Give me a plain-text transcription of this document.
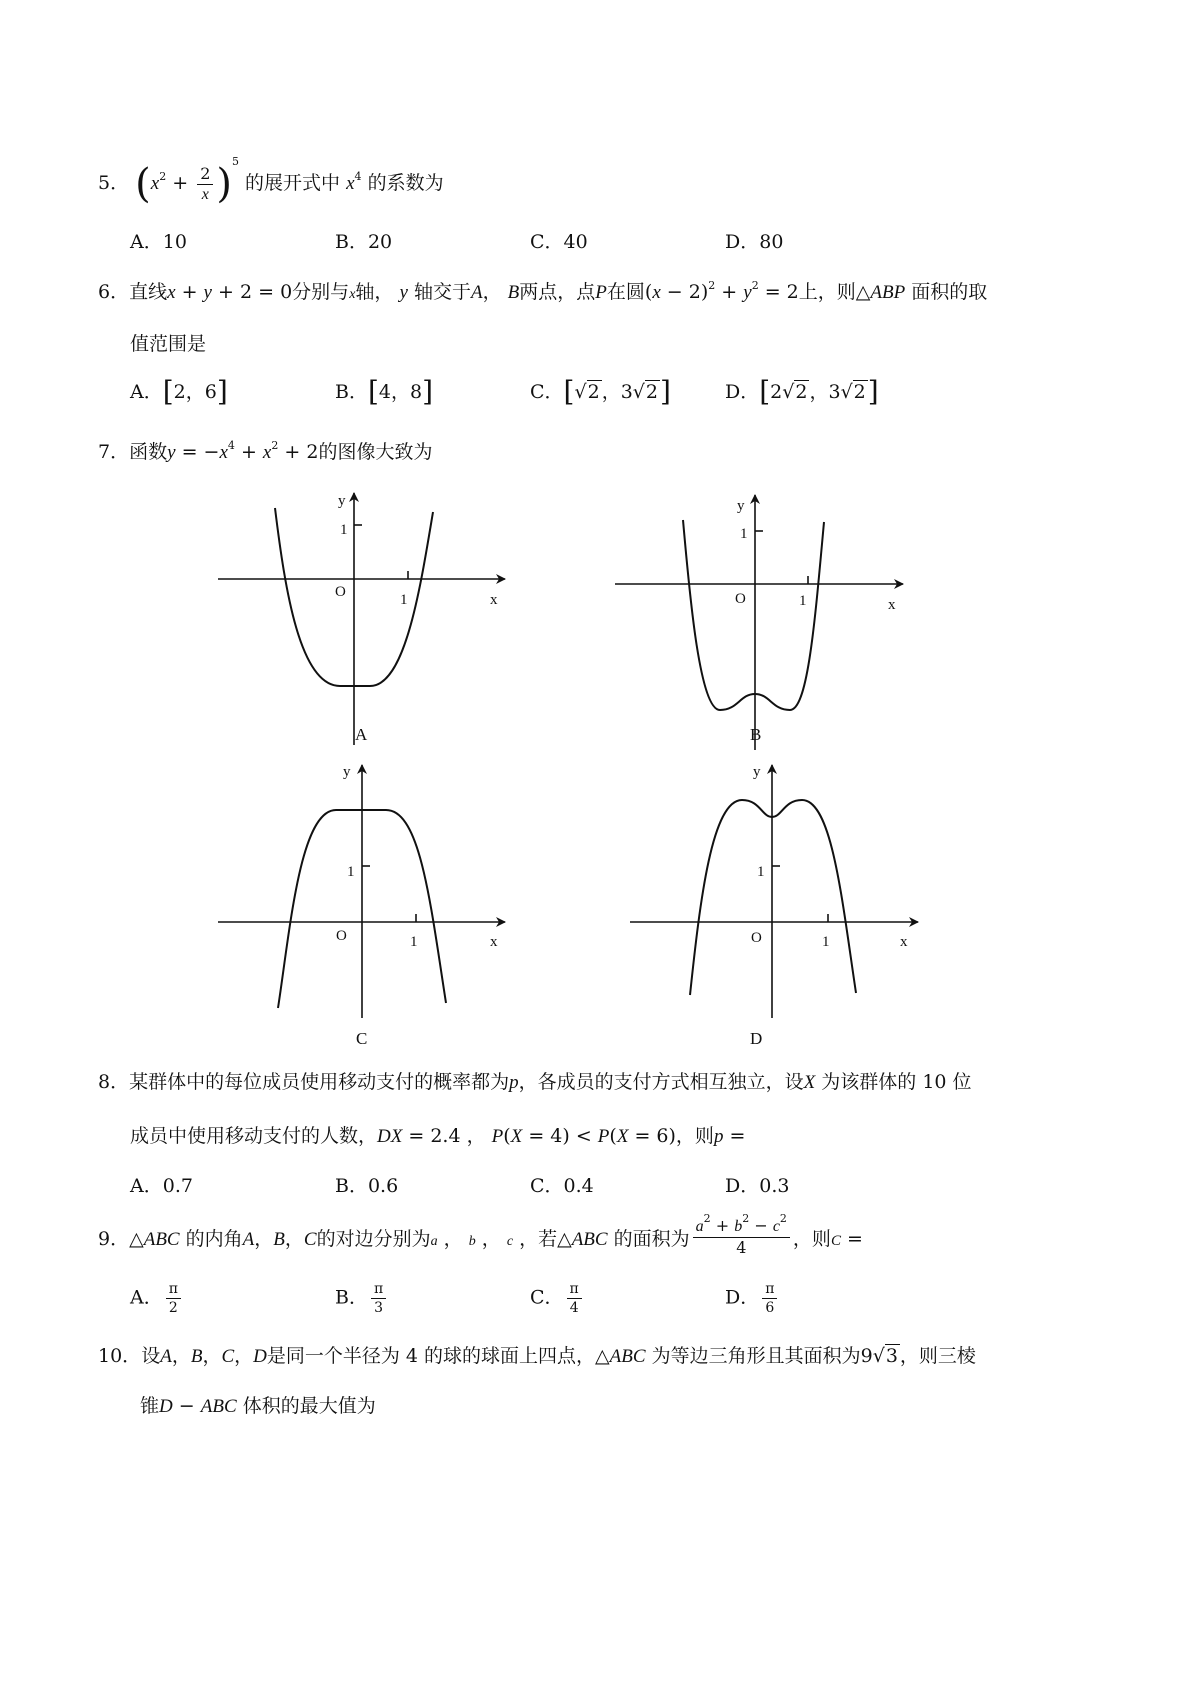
5． $(x^2 + \frac{2}{x} )^5$ 的展开式中 $x^4$ 的系数为
A．10	B．20	C．40	D．80
6．直线x + y + 2 = 0分别与x轴， y 轴交于A， B两点，点P在圆$(x - 2)^2 + y^2 = 2$上，则△ABP 面积的取
值范围是
A．[2，6]	B．[4，8]	C．[√2 ，3√2]	D．[2√2 ，3√2]
7．函数$y = -x^4 + x^2 + 2$的图像大致为
y
1
O	1	x
A
y
1
O	1	x
B
y
1
O	1	x
C
y
1
O	1	x
D
8．某群体中的每位成员使用移动支付的概率都为p，各成员的支付方式相互独立，设X 为该群体的 10 位
成员中使用移动支付的人数，DX = 2.4 ， P(X = 4) < P(X = 6)，则p =
A．0.7	B．0.6	C．0.4	D．0.3
9．△ABC 的内角A，B，C的对边分别为a ， b ， c ，若△ABC 的面积为 $\frac{a^2 + b^2 - c^2}{4}$ ，则C =
A． $\frac{\pi}{2}$	B． $\frac{\pi}{3}$	C． $\frac{\pi}{4}$	D． $\frac{\pi}{6}$
10．设A，B，C，D是同一个半径为 4 的球的球面上四点，△ABC 为等边三角形且其面积为9√3 ，则三棱
锥D − ABC 体积的最大值为
